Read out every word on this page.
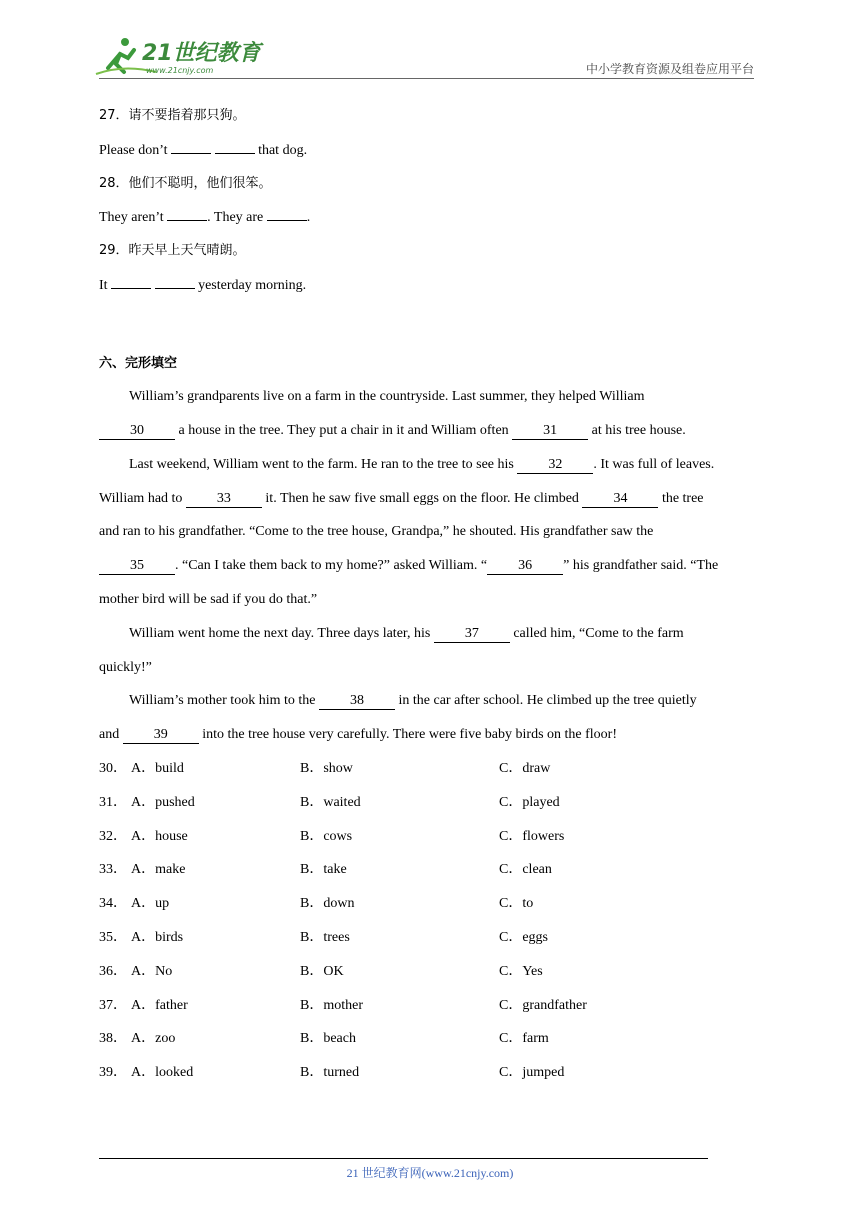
21世纪教育
www.21cnjy.com	中小学教育资源及组卷应用平台
27．请不要指着那只狗。
Please don’t	that dog.
28．他们不聪明，他们很笨。
They aren’t	. They are	.
29．昨天早上天气晴朗。
It	yesterday morning.
六、完形填空
William’s grandparents live on a farm in the countryside. Last summer, they helped William
30 a house in the tree. They put a chair in it and William often 31 at his tree house.
Last weekend, William went to the farm. He ran to the tree to see his 32 . It was full of leaves.
William had to 33 it. Then he saw five small eggs on the floor. He climbed 34 the tree
and ran to his grandfather. “Come to the tree house, Grandpa,” he shouted. His grandfather saw the
35 . “Can I take them back to my home?” asked William. “ 36 ” his grandfather said. “The
mother bird will be sad if you do that.”
William went home the next day. Three days later, his 37 called him, “Come to the farm
quickly!”
William’s mother took him to the 38 in the car after school. He climbed up the tree quietly
and 39 into the tree house very carefully. There were five baby birds on the floor!
30． A．build	B．show	C．draw
31． A．pushed	B．waited	C．played
32． A．house	B．cows	C．flowers
33． A．make	B．take	C．clean
34． A．up	B．down	C．to
35． A．birds	B．trees	C．eggs
36． A．No	B．OK	C．Yes
37． A．father	B．mother	C．grandfather
38． A．zoo	B．beach	C．farm
39． A．looked	B．turned	C．jumped
21 世纪教育网(www.21cnjy.com)
